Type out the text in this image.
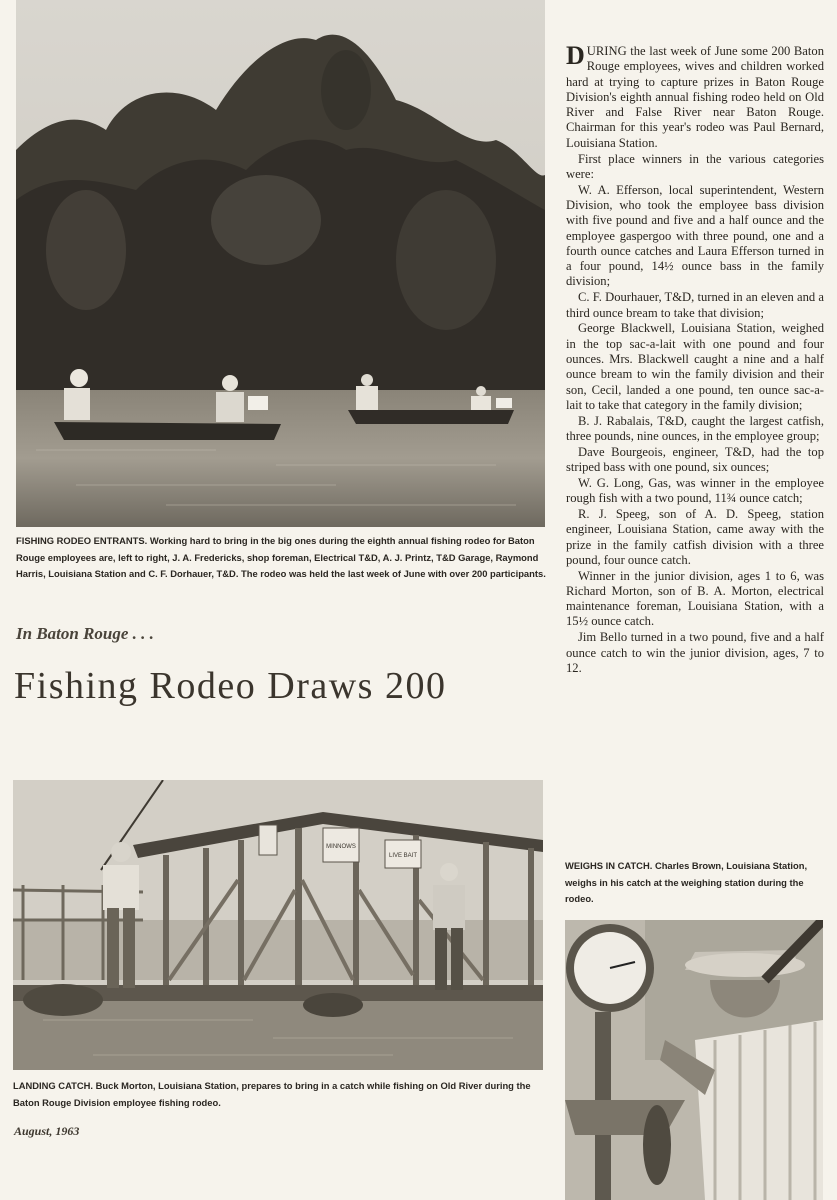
FISHING RODEO ENTRANTS. Working hard to bring in the big ones during the eighth annual fishing rodeo for Baton Rouge employees are, left to right, J. A. Fredericks, shop foreman, Electrical T&D, A. J. Printz, T&D Garage, Raymond Harris, Louisiana Station and C. F. Dorhauer, T&D. The rodeo was held the last week of June with over 200 participants.
In Baton Rouge . . .
Fishing Rodeo Draws 200
MINNOWS
LIVE BAIT
LANDING CATCH. Buck Morton, Louisiana Station, prepares to bring in a catch while fishing on Old River during the Baton Rouge Division employee fishing rodeo.
August, 1963

DURING the last week of June some 200 Baton Rouge employees, wives and children worked hard at trying to capture prizes in Baton Rouge Division's eighth annual fishing rodeo held on Old River and False River near Baton Rouge. Chairman for this year's rodeo was Paul Bernard, Louisiana Station.

First place winners in the various categories were:

W. A. Efferson, local superintendent, Western Division, who took the employee bass division with five pound and five and a half ounce and the employee gaspergoo with three pound, one and a fourth ounce catches and Laura Efferson turned in a four pound, 14½ ounce bass in the family division;

C. F. Dourhauer, T&D, turned in an eleven and a third ounce bream to take that division;

George Blackwell, Louisiana Station, weighed in the top sac-a-lait with one pound and four ounces. Mrs. Blackwell caught a nine and a half ounce bream to win the family division and their son, Cecil, landed a one pound, ten ounce sac-a-lait to take that category in the family division;

B. J. Rabalais, T&D, caught the largest catfish, three pounds, nine ounces, in the employee group;

Dave Bourgeois, engineer, T&D, had the top striped bass with one pound, six ounces;

W. G. Long, Gas, was winner in the employee rough fish with a two pound, 11¾ ounce catch;

R. J. Speeg, son of A. D. Speeg, station engineer, Louisiana Station, came away with the prize in the family catfish division with a three pound, four ounce catch.

Winner in the junior division, ages 1 to 6, was Richard Morton, son of B. A. Morton, electrical maintenance foreman, Louisiana Station, with a 15½ ounce catch.

Jim Bello turned in a two pound, five and a half ounce catch to win the junior division, ages, 7 to 12.

WEIGHS IN CATCH. Charles Brown, Louisiana Station, weighs in his catch at the weighing station during the rodeo.
